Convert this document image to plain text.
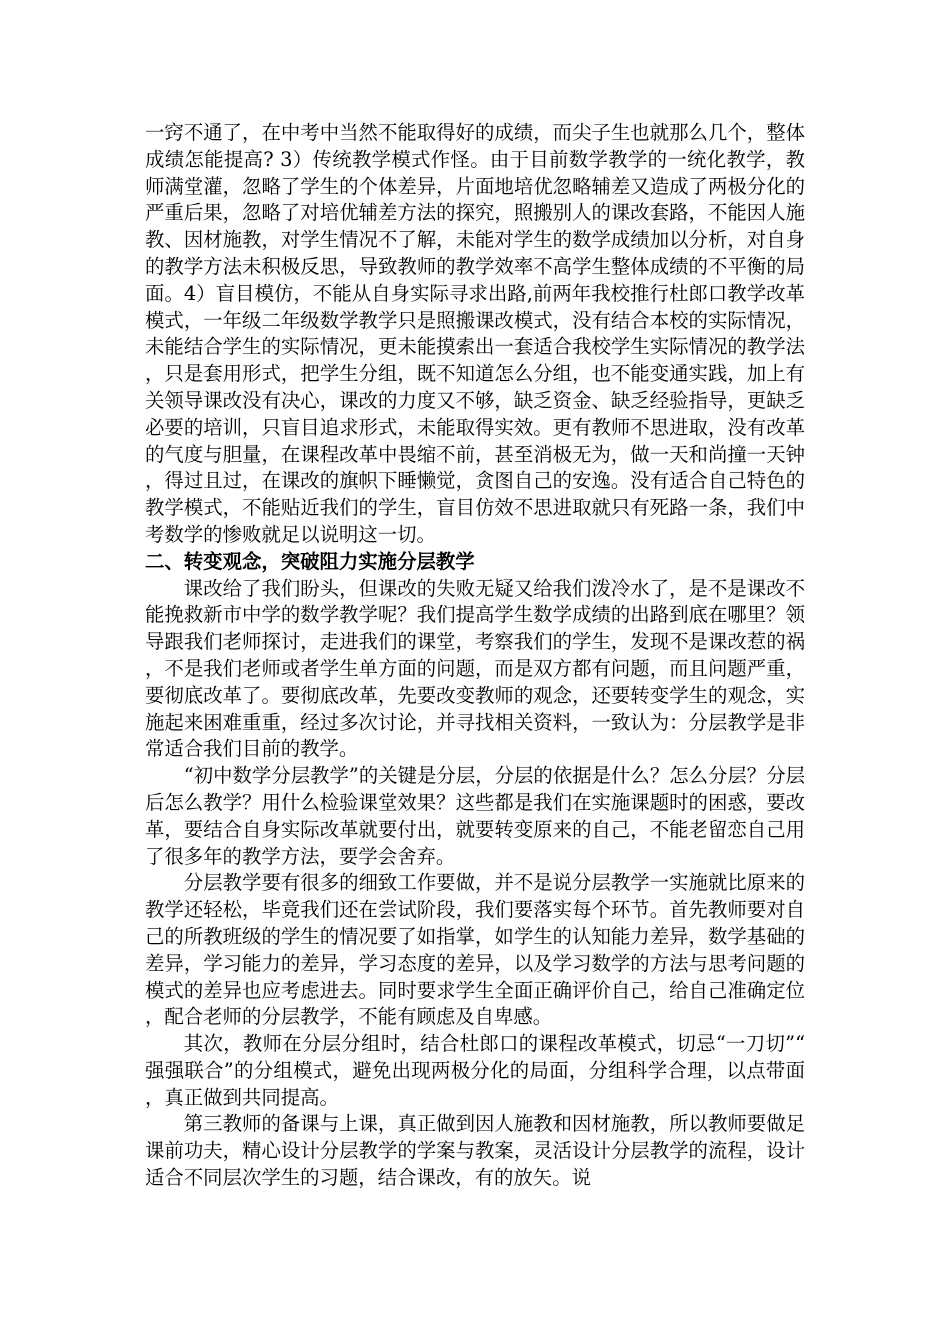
一窍不通了，在中考中当然不能取得好的成绩，而尖子生也就那么几个，整体成绩怎能提高? 3）传统教学模式作怪。由于目前数学教学的一统化教学，教师满堂灌，忽略了学生的个体差异，片面地培优忽略辅差又造成了两极分化的严重后果，忽略了对培优辅差方法的探究，照搬别人的课改套路，不能因人施教、因材施教，对学生情况不了解，未能对学生的数学成绩加以分析，对自身的教学方法未积极反思，导致教师的教学效率不高学生整体成绩的不平衡的局面。4）盲目模仿，不能从自身实际寻求出路,前两年我校推行杜郎口教学改革模式，一年级二年级数学教学只是照搬课改模式，没有结合本校的实际情况，未能结合学生的实际情况，更未能摸索出一套适合我校学生实际情况的教学法，只是套用形式，把学生分组，既不知道怎么分组，也不能变通实践，加上有关领导课改没有决心，课改的力度又不够，缺乏资金、缺乏经验指导，更缺乏必要的培训，只盲目追求形式，未能取得实效。更有教师不思进取，没有改革的气度与胆量，在课程改革中畏缩不前，甚至消极无为，做一天和尚撞一天钟，得过且过，在课改的旗帜下睡懒觉，贪图自己的安逸。没有适合自己特色的教学模式，不能贴近我们的学生，盲目仿效不思进取就只有死路一条，我们中考数学的惨败就足以说明这一切。

二、转变观念，突破阻力实施分层教学

课改给了我们盼头，但课改的失败无疑又给我们泼冷水了，是不是课改不能挽救新市中学的数学教学呢？我们提高学生数学成绩的出路到底在哪里？领导跟我们老师探讨，走进我们的课堂，考察我们的学生，发现不是课改惹的祸，不是我们老师或者学生单方面的问题，而是双方都有问题，而且问题严重，要彻底改革了。要彻底改革，先要改变教师的观念，还要转变学生的观念，实施起来困难重重，经过多次讨论，并寻找相关资料，一致认为：分层教学是非常适合我们目前的教学。

“初中数学分层教学”的关键是分层，分层的依据是什么？怎么分层？分层后怎么教学？用什么检验课堂效果？这些都是我们在实施课题时的困惑，要改革，要结合自身实际改革就要付出，就要转变原来的自己，不能老留恋自己用了很多年的教学方法，要学会舍弃。

分层教学要有很多的细致工作要做，并不是说分层教学一实施就比原来的教学还轻松，毕竟我们还在尝试阶段，我们要落实每个环节。首先教师要对自己的所教班级的学生的情况要了如指掌，如学生的认知能力差异，数学基础的差异，学习能力的差异，学习态度的差异，以及学习数学的方法与思考问题的模式的差异也应考虑进去。同时要求学生全面正确评价自己，给自己准确定位，配合老师的分层教学，不能有顾虑及自卑感。

其次，教师在分层分组时，结合杜郎口的课程改革模式，切忌“一刀切”“强强联合”的分组模式，避免出现两极分化的局面，分组科学合理，以点带面，真正做到共同提高。

第三教师的备课与上课，真正做到因人施教和因材施教，所以教师要做足课前功夫，精心设计分层教学的学案与教案，灵活设计分层教学的流程，设计适合不同层次学生的习题，结合课改，有的放矢。说
